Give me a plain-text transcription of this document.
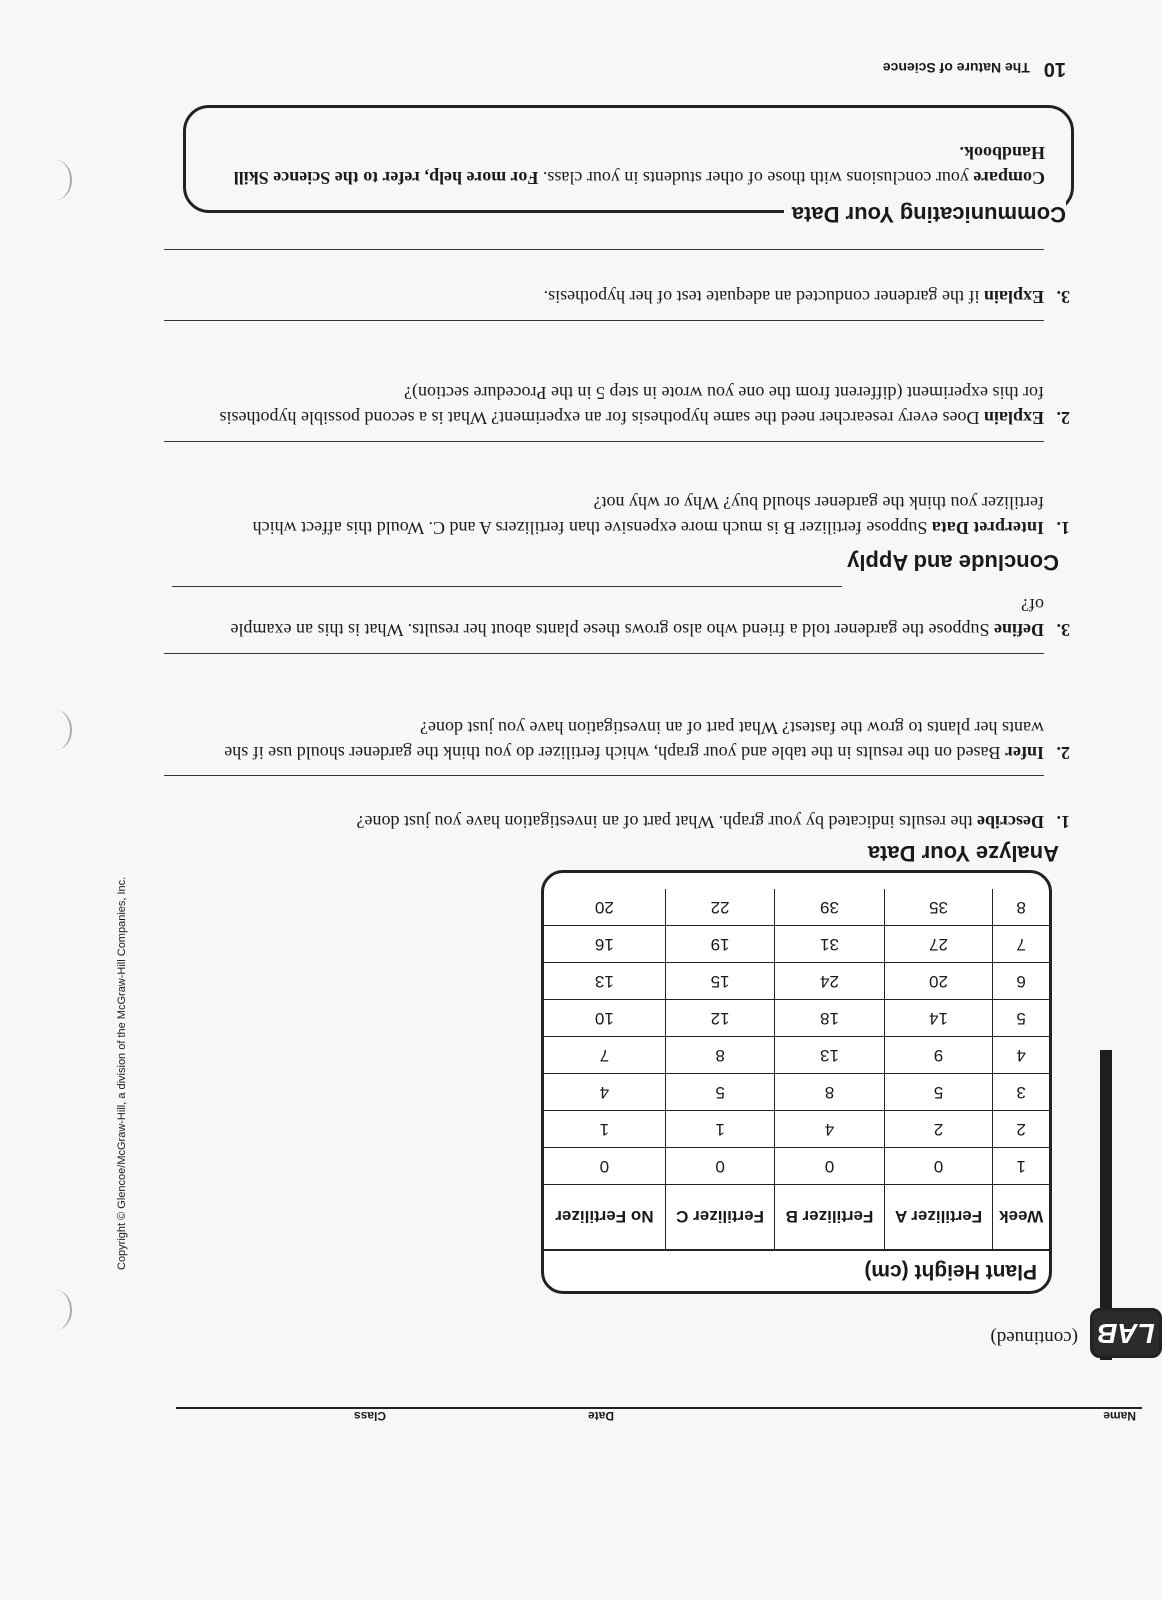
Name
Date
Class
LAB
(continued)
Plant Height (cm)
Week	Fertilizer A	Fertilizer B	Fertilizer C	No Fertilizer
1	0	0	0	0
2	2	4	1	1
3	5	8	5	4
4	9	13	8	7
5	14	18	12	10
6	20	24	15	13
7	27	31	19	16
8	35	39	22	20
Analyze Your Data
1.
Describe the results indicated by your graph. What part of an investigation have you just done?
2.
Infer Based on the results in the table and your graph, which fertilizer do you think the gardener should use if she wants her plants to grow the fastest? What part of an investigation have you just done?
3.
Define Suppose the gardener told a friend who also grows these plants about her results. What is this an example of?
Conclude and Apply
1.
Interpret Data Suppose fertilizer B is much more expensive than fertilizers A and C. Would this affect which fertilizer you think the gardener should buy? Why or why not?
2.
Explain Does every researcher need the same hypothesis for an experiment? What is a second possible hypothesis for this experiment (different from the one you wrote in step 5 in the Procedure section)?
3.
Explain if the gardener conducted an adequate test of her hypothesis.
Communicating Your Data
Compare your conclusions with those of other students in your class. For more help, refer to the Science Skill Handbook.
10 The Nature of Science
Copyright © Glencoe/McGraw-Hill, a division of the McGraw-Hill Companies, Inc.
